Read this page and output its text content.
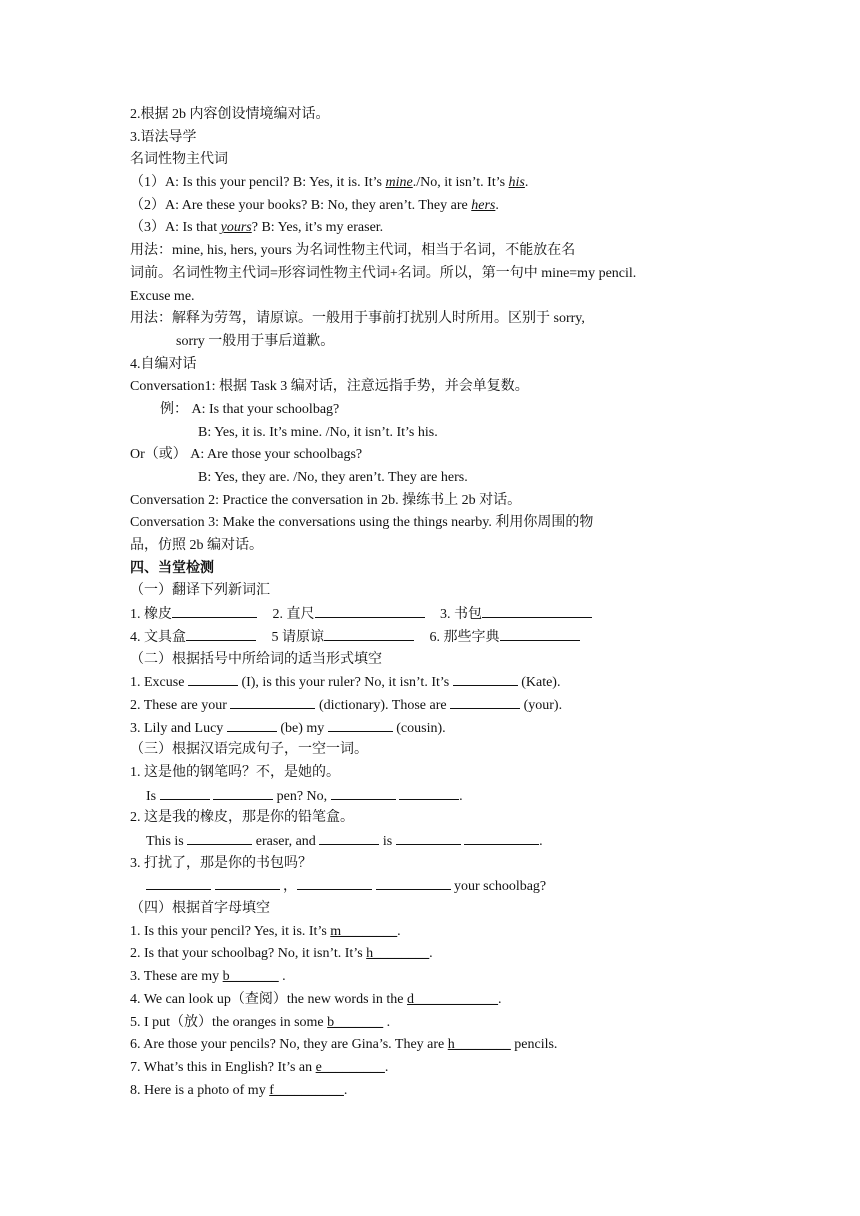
2.根据 2b 内容创设情境编对话。
3.语法导学
名词性物主代词
（1）A: Is this your pencil? B: Yes, it is. It’s mine./No, it isn’t. It’s his.
（2）A: Are these your books? B: No, they aren’t. They are hers.
（3）A: Is that yours? B: Yes, it’s my eraser.
用法：mine, his, hers, yours 为名词性物主代词，相当于名词，不能放在名
词前。名词性物主代词=形容词性物主代词+名词。所以，第一句中 mine=my pencil.
Excuse me.
用法：解释为劳驾，请原谅。一般用于事前打扰别人时所用。区别于 sorry,
sorry 一般用于事后道歉。
4.自编对话
Conversation1: 根据 Task 3 编对话，注意远指手势，并会单复数。
例： A: Is that your schoolbag?
B: Yes, it is. It’s mine. /No, it isn’t. It’s his.
Or（或） A: Are those your schoolbags?
B: Yes, they are. /No, they aren’t. They are hers.
Conversation 2: Practice the conversation in 2b. 操练书上 2b 对话。
Conversation 3: Make the conversations using the things nearby. 利用你周围的物
品，仿照 2b 编对话。
四、当堂检测
（一）翻译下列新词汇
1. 橡皮	2. 直尺	3. 书包
4. 文具盒	5 请原谅	6. 那些字典
（二）根据括号中所给词的适当形式填空
1. Excuse	(I), is this your ruler? No, it isn’t. It’s	(Kate).
2. These are your	(dictionary). Those are	(your).
3. Lily and Lucy	(be) my	(cousin).
（三）根据汉语完成句子，一空一词。
1. 这是他的钢笔吗？不，是她的。
Is	pen? No,	.
2. 这是我的橡皮，那是你的铅笔盒。
This is	eraser, and	is	.
3. 打扰了，那是你的书包吗？
，	your schoolbag?
（四）根据首字母填空
1. Is this your pencil? Yes, it is. It’s m________.
2. Is that your schoolbag? No, it isn’t. It’s h________.
3. These are my b_______ .
4. We can look up（查阅）the new words in the d____________.
5. I put（放）the oranges in some b_______ .
6. Are those your pencils? No, they are Gina’s. They are h________ pencils.
7. What’s this in English? It’s an e_________.
8. Here is a photo of my f__________.
